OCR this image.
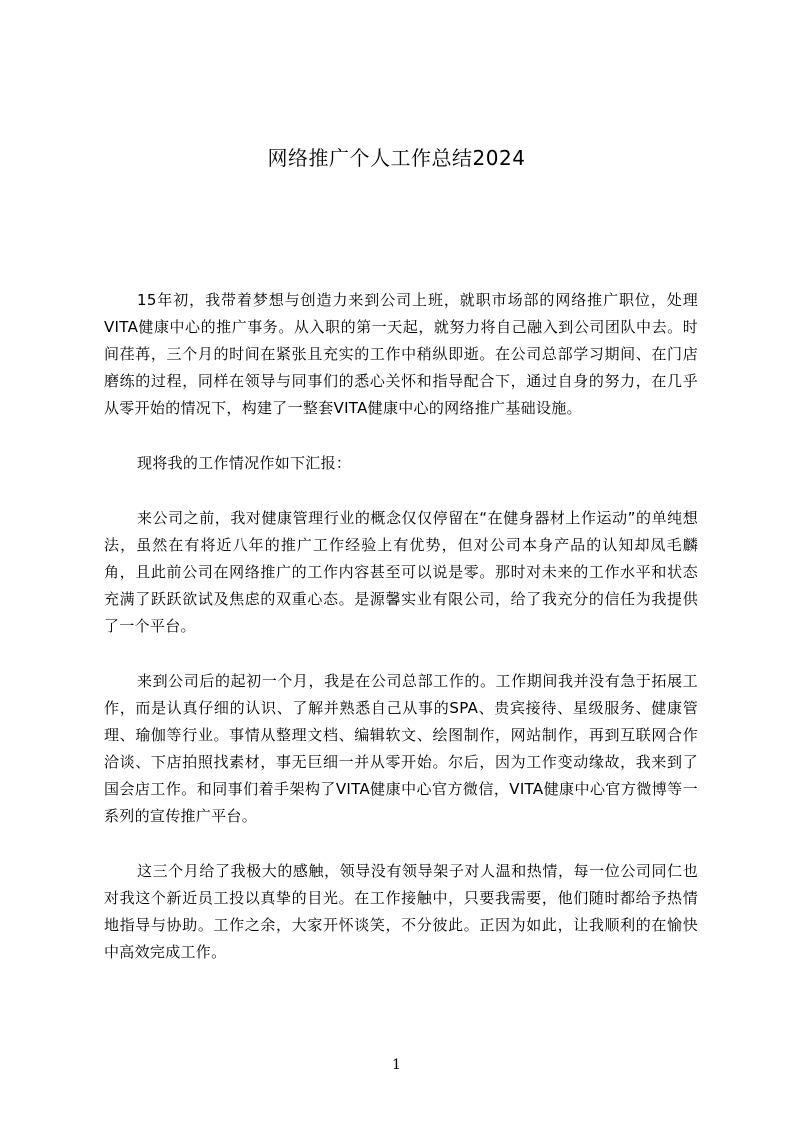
网络推广个人工作总结2024

15年初，我带着梦想与创造力来到公司上班，就职市场部的网络推广职位，处理VITA健康中心的推广事务。从入职的第一天起，就努力将自己融入到公司团队中去。时间荏苒，三个月的时间在紧张且充实的工作中稍纵即逝。在公司总部学习期间、在门店磨练的过程，同样在领导与同事们的悉心关怀和指导配合下，通过自身的努力，在几乎从零开始的情况下，构建了一整套VITA健康中心的网络推广基础设施。

现将我的工作情况作如下汇报：

来公司之前，我对健康管理行业的概念仅仅停留在“在健身器材上作运动”的单纯想法，虽然在有将近八年的推广工作经验上有优势，但对公司本身产品的认知却凤毛麟角，且此前公司在网络推广的工作内容甚至可以说是零。那时对未来的工作水平和状态充满了跃跃欲试及焦虑的双重心态。是源馨实业有限公司，给了我充分的信任为我提供了一个平台。

来到公司后的起初一个月，我是在公司总部工作的。工作期间我并没有急于拓展工作，而是认真仔细的认识、了解并熟悉自己从事的SPA、贵宾接待、星级服务、健康管理、瑜伽等行业。事情从整理文档、编辑软文、绘图制作，网站制作，再到互联网合作洽谈、下店拍照找素材，事无巨细一并从零开始。尔后，因为工作变动缘故，我来到了国会店工作。和同事们着手架构了VITA健康中心官方微信，VITA健康中心官方微博等一系列的宣传推广平台。

这三个月给了我极大的感触，领导没有领导架子对人温和热情，每一位公司同仁也对我这个新近员工投以真挚的目光。在工作接触中，只要我需要，他们随时都给予热情地指导与协助。工作之余，大家开怀谈笑，不分彼此。正因为如此，让我顺利的在愉快中高效完成工作。

1
